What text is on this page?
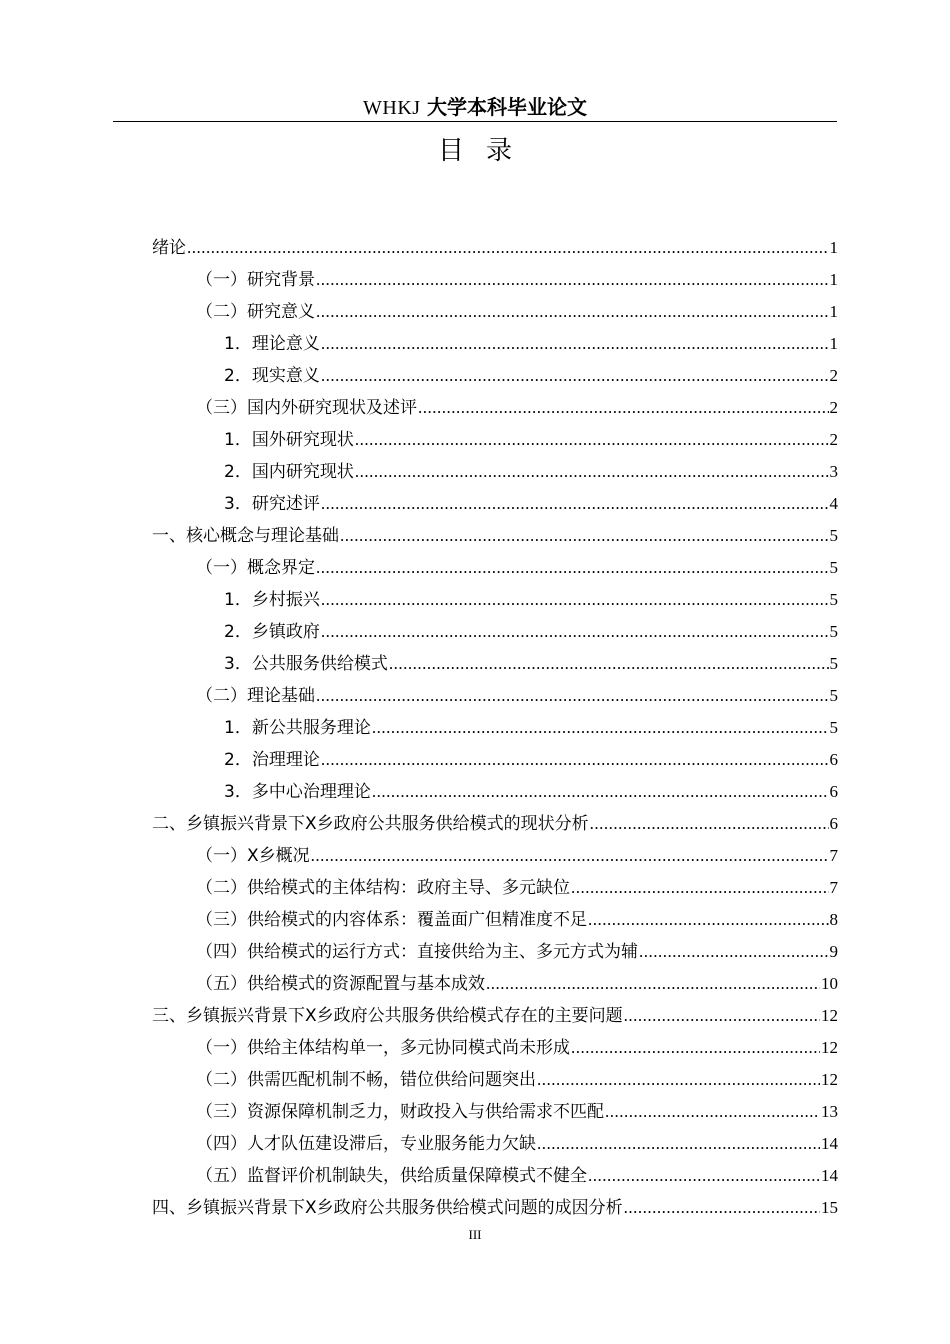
WHKJ 大学本科毕业论文
目录
绪论 .....	1
（一）研究背景 .....	1
（二）研究意义 .....	1
1．理论意义 .....	1
2．现实意义 .....	2
（三）国内外研究现状及述评 .....	2
1．国外研究现状 .....	2
2．国内研究现状 .....	3
3．研究述评 .....	4
一、核心概念与理论基础 .....	5
（一）概念界定 .....	5
1．乡村振兴 .....	5
2．乡镇政府 .....	5
3．公共服务供给模式 .....	5
（二）理论基础 .....	5
1．新公共服务理论 .....	5
2．治理理论 .....	6
3．多中心治理理论 .....	6
二、乡镇振兴背景下X乡政府公共服务供给模式的现状分析 .....	6
（一）X乡概况 .....	7
（二）供给模式的主体结构：政府主导、多元缺位 .....	7
（三）供给模式的内容体系：覆盖面广但精准度不足 .....	8
（四）供给模式的运行方式：直接供给为主、多元方式为辅 .....	9
（五）供给模式的资源配置与基本成效 .....	10
三、乡镇振兴背景下X乡政府公共服务供给模式存在的主要问题 .....	12
（一）供给主体结构单一，多元协同模式尚未形成 .....	12
（二）供需匹配机制不畅，错位供给问题突出 .....	12
（三）资源保障机制乏力，财政投入与供给需求不匹配 .....	13
（四）人才队伍建设滞后，专业服务能力欠缺 .....	14
（五）监督评价机制缺失，供给质量保障模式不健全 .....	14
四、乡镇振兴背景下X乡政府公共服务供给模式问题的成因分析 .....	15
III
